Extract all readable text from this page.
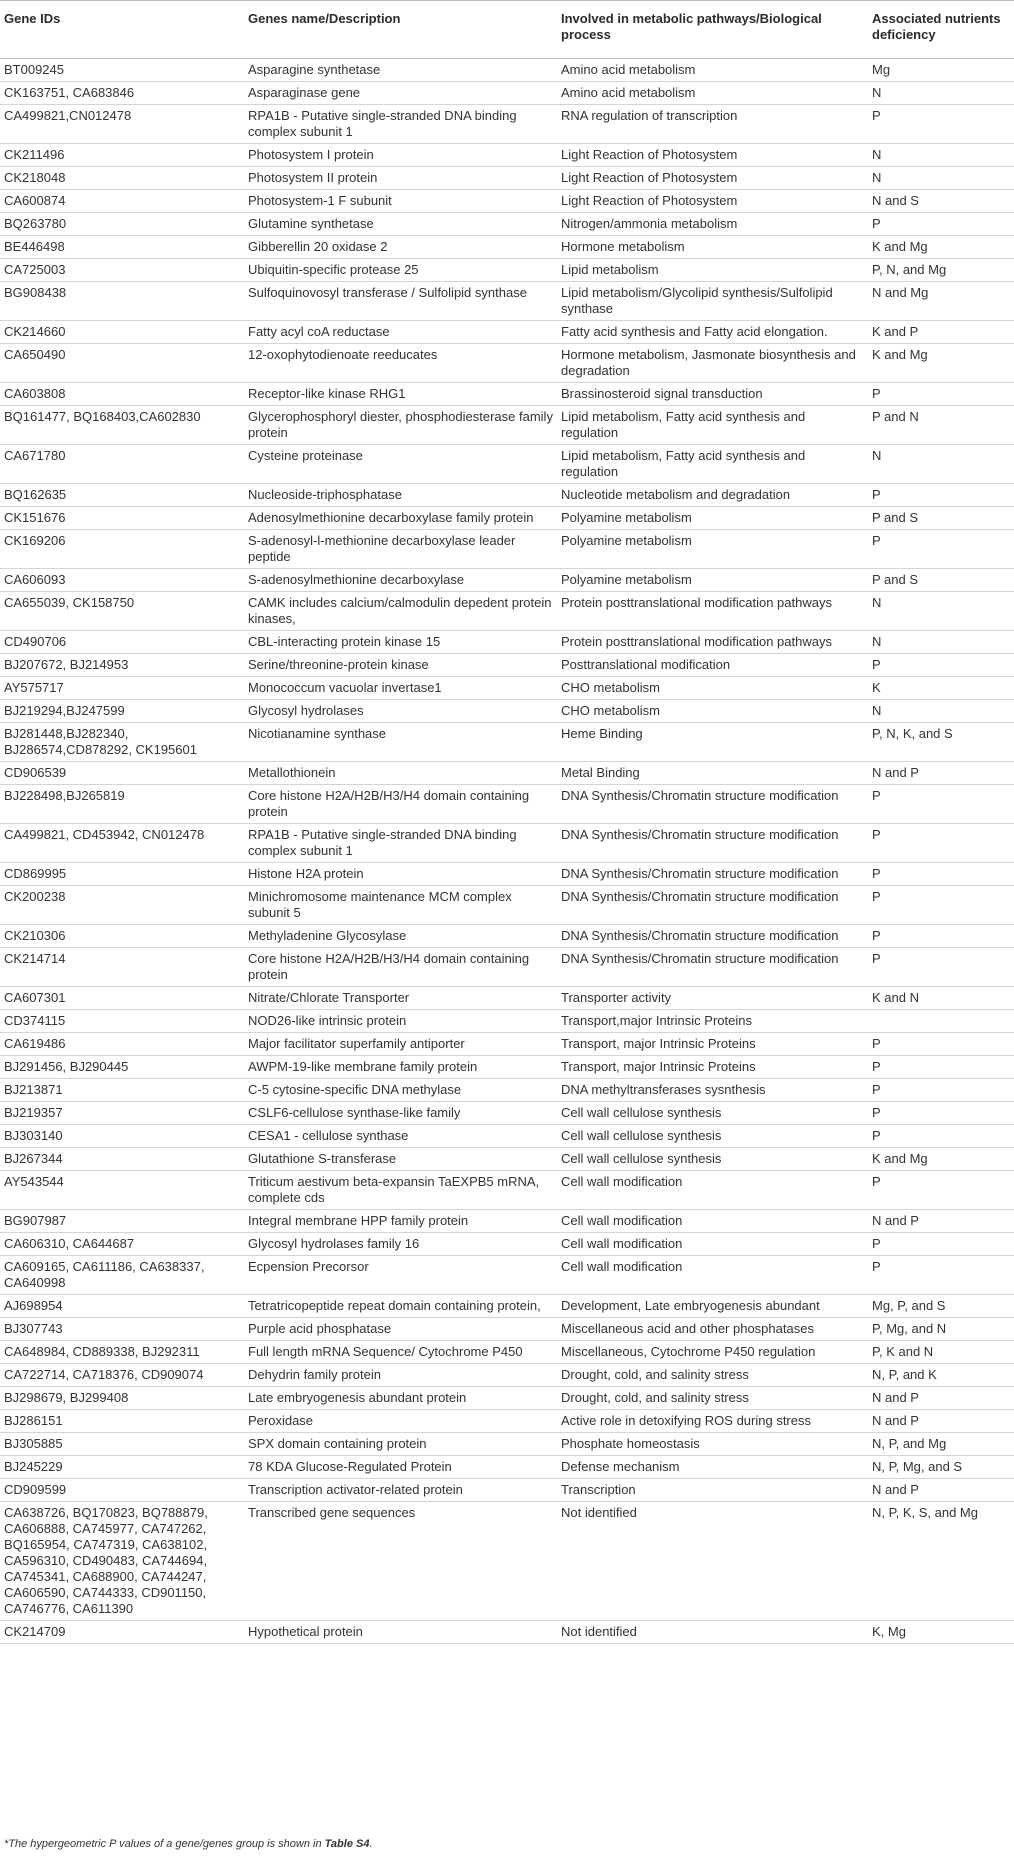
Gene IDs	Genes name/Description	Involved in metabolic pathways/Biological process	Associated nutrients deficiency
BT009245	Asparagine synthetase	Amino acid metabolism	Mg
CK163751, CA683846	Asparaginase gene	Amino acid metabolism	N
CA499821,CN012478	RPA1B - Putative single-stranded DNA binding complex subunit 1	RNA regulation of transcription	P
CK211496	Photosystem I protein	Light Reaction of Photosystem	N
CK218048	Photosystem II protein	Light Reaction of Photosystem	N
CA600874	Photosystem-1 F subunit	Light Reaction of Photosystem	N and S
BQ263780	Glutamine synthetase	Nitrogen/ammonia metabolism	P
BE446498	Gibberellin 20 oxidase 2	Hormone metabolism	K and Mg
CA725003	Ubiquitin-specific protease 25	Lipid metabolism	P, N, and Mg
BG908438	Sulfoquinovosyl transferase / Sulfolipid synthase	Lipid metabolism/Glycolipid synthesis/Sulfolipid synthase	N and Mg
CK214660	Fatty acyl coA reductase	Fatty acid synthesis and Fatty acid elongation.	K and P
CA650490	12-oxophytodienoate reeducates	Hormone metabolism, Jasmonate biosynthesis and degradation	K and Mg
CA603808	Receptor-like kinase RHG1	Brassinosteroid signal transduction	P
BQ161477, BQ168403,CA602830	Glycerophosphoryl diester, phosphodiesterase family protein	Lipid metabolism, Fatty acid synthesis and regulation	P and N
CA671780	Cysteine proteinase	Lipid metabolism, Fatty acid synthesis and regulation	N
BQ162635	Nucleoside-triphosphatase	Nucleotide metabolism and degradation	P
CK151676	Adenosylmethionine decarboxylase family protein	Polyamine metabolism	P and S
CK169206	S-adenosyl-l-methionine decarboxylase leader peptide	Polyamine metabolism	P
CA606093	S-adenosylmethionine decarboxylase	Polyamine metabolism	P and S
CA655039, CK158750	CAMK includes calcium/calmodulin depedent protein kinases,	Protein posttranslational modification pathways	N
CD490706	CBL-interacting protein kinase 15	Protein posttranslational modification pathways	N
BJ207672, BJ214953	Serine/threonine-protein kinase	Posttranslational modification	P
AY575717	Monococcum vacuolar invertase1	CHO metabolism	K
BJ219294,BJ247599	Glycosyl hydrolases	CHO metabolism	N
BJ281448,BJ282340, BJ286574,CD878292, CK195601	Nicotianamine synthase	Heme Binding	P, N, K, and S
CD906539	Metallothionein	Metal Binding	N and P
BJ228498,BJ265819	Core histone H2A/H2B/H3/H4 domain containing protein	DNA Synthesis/Chromatin structure modification	P
CA499821, CD453942, CN012478	RPA1B - Putative single-stranded DNA binding complex subunit 1	DNA Synthesis/Chromatin structure modification	P
CD869995	Histone H2A protein	DNA Synthesis/Chromatin structure modification	P
CK200238	Minichromosome maintenance MCM complex subunit 5	DNA Synthesis/Chromatin structure modification	P
CK210306	Methyladenine Glycosylase	DNA Synthesis/Chromatin structure modification	P
CK214714	Core histone H2A/H2B/H3/H4 domain containing protein	DNA Synthesis/Chromatin structure modification	P
CA607301	Nitrate/Chlorate Transporter	Transporter activity	K and N
CD374115	NOD26-like intrinsic protein	Transport,major Intrinsic Proteins	
CA619486	Major facilitator superfamily antiporter	Transport, major Intrinsic Proteins	P
BJ291456, BJ290445	AWPM-19-like membrane family protein	Transport, major Intrinsic Proteins	P
BJ213871	C-5 cytosine-specific DNA methylase	DNA methyltransferases sysnthesis	P
BJ219357	CSLF6-cellulose synthase-like family	Cell wall cellulose synthesis	P
BJ303140	CESA1 - cellulose synthase	Cell wall cellulose synthesis	P
BJ267344	Glutathione S-transferase	Cell wall cellulose synthesis	K and Mg
AY543544	Triticum aestivum beta-expansin TaEXPB5 mRNA, complete cds	Cell wall modification	P
BG907987	Integral membrane HPP family protein	Cell wall modification	N and P
CA606310, CA644687	Glycosyl hydrolases family 16	Cell wall modification	P
CA609165, CA611186, CA638337, CA640998	Ecpension Precorsor	Cell wall modification	P
AJ698954	Tetratricopeptide repeat domain containing protein,	Development, Late embryogenesis abundant	Mg, P, and S
BJ307743	Purple acid phosphatase	Miscellaneous acid and other phosphatases	P, Mg, and N
CA648984, CD889338, BJ292311	Full length mRNA Sequence/ Cytochrome P450	Miscellaneous, Cytochrome P450 regulation	P, K and N
CA722714, CA718376, CD909074	Dehydrin family protein	Drought, cold, and salinity stress	N, P, and K
BJ298679, BJ299408	Late embryogenesis abundant protein	Drought, cold, and salinity stress	N and P
BJ286151	Peroxidase	Active role in detoxifying ROS during stress	N and P
BJ305885	SPX domain containing protein	Phosphate homeostasis	N, P, and Mg
BJ245229	78 KDA Glucose-Regulated Protein	Defense mechanism	N, P, Mg, and S
CD909599	Transcription activator-related protein	Transcription	N and P
CA638726, BQ170823, BQ788879, CA606888, CA745977, CA747262, BQ165954, CA747319, CA638102, CA596310, CD490483, CA744694, CA745341, CA688900, CA744247, CA606590, CA744333, CD901150, CA746776, CA611390	Transcribed gene sequences	Not identified	N, P, K, S, and Mg
CK214709	Hypothetical protein	Not identified	K, Mg
*The hypergeometric P values of a gene/genes group is shown in Table S4.
